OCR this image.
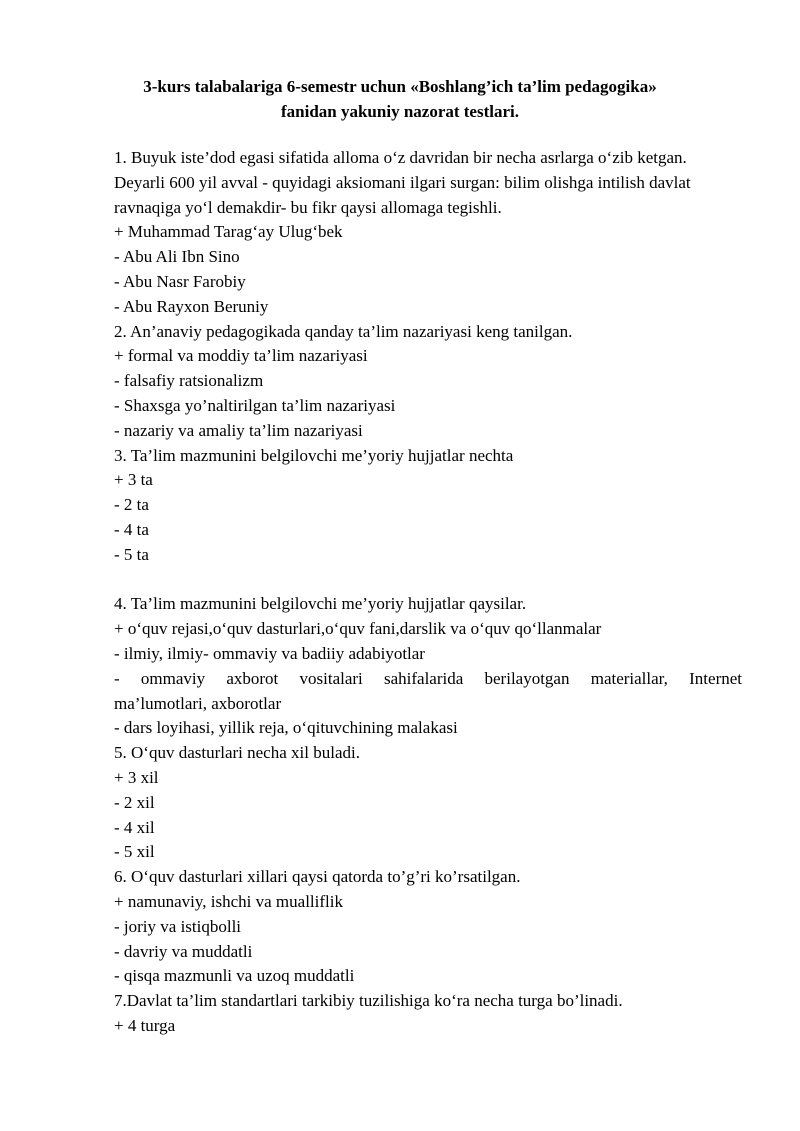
3-kurs talabalariga 6-semestr uchun «Boshlang’ich ta’lim pedagogika»
fanidan yakuniy nazorat testlari.
1. Buyuk iste’dod egasi sifatida alloma o‘z davridan bir necha asrlarga o‘zib ketgan.
Deyarli 600 yil avval - quyidagi aksiomani ilgari surgan: bilim olishga intilish davlat
ravnaqiga yo‘l demakdir- bu fikr qaysi allomaga tegishli.
+ Muhammad Tarag‘ay Ulug‘bek
- Abu Ali Ibn Sino
- Abu Nasr Farobiy
- Abu Rayxon Beruniy
2. An’anaviy pedagogikada qanday ta’lim nazariyasi keng tanilgan.
+ formal va moddiy ta’lim nazariyasi
- falsafiy ratsionalizm
- Shaxsga yo’naltirilgan ta’lim nazariyasi
- nazariy va amaliy ta’lim nazariyasi
3. Ta’lim mazmunini belgilovchi me’yoriy hujjatlar nechta
+ 3 ta
- 2 ta
- 4 ta
- 5 ta
4. Ta’lim mazmunini belgilovchi me’yoriy hujjatlar qaysilar.
+ o‘quv rejasi,o‘quv dasturlari,o‘quv fani,darslik va o‘quv qo‘llanmalar
- ilmiy, ilmiy- ommaviy va badiiy adabiyotlar
- ommaviy axborot vositalari sahifalarida berilayotgan materiallar, Internet
ma’lumotlari, axborotlar
- dars loyihasi, yillik reja, o‘qituvchining malakasi
5. O‘quv dasturlari necha xil buladi.
+ 3 xil
- 2 xil
- 4 xil
- 5 xil
6. O‘quv dasturlari xillari qaysi qatorda to’g’ri ko’rsatilgan.
+ namunaviy, ishchi va mualliflik
- joriy va istiqbolli
- davriy va muddatli
- qisqa mazmunli va uzoq muddatli
7.Davlat ta’lim standartlari tarkibiy tuzilishiga ko‘ra necha turga bo’linadi.
+ 4 turga
